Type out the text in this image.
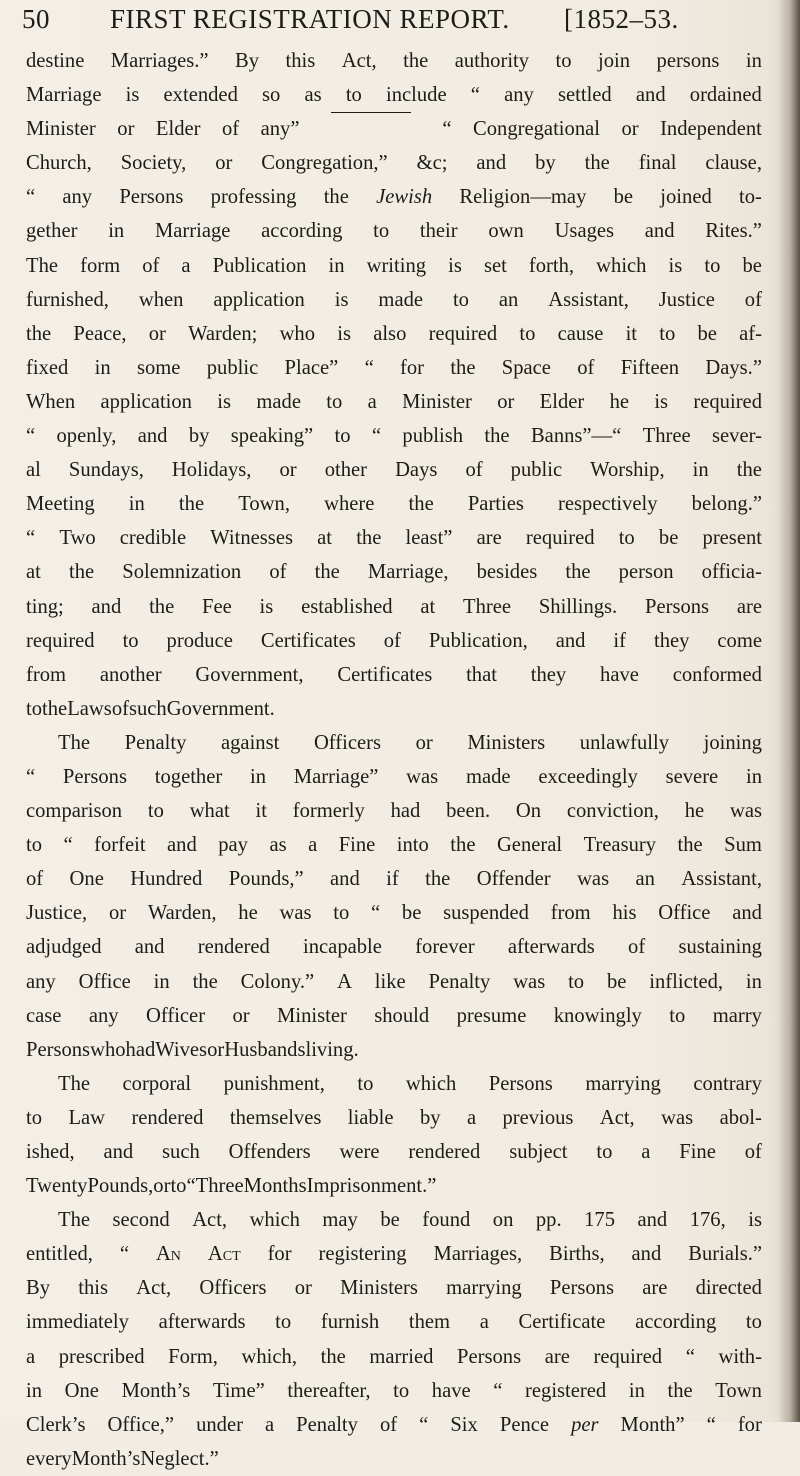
50 FIRST REGISTRATION REPORT. [1852–53.
destine Marriages.” By this Act, the authority to join persons in
Marriage is extended so as to include “ any settled and ordained
Minister or Elder of any”	“ Congregational or Independent
Church, Society, or Congregation,” &c; and by the final clause,
“ any Persons professing the Jewish Religion—may be joined to-
gether in Marriage according to their own Usages and Rites.”
The form of a Publication in writing is set forth, which is to be
furnished, when application is made to an Assistant, Justice of
the Peace, or Warden; who is also required to cause it to be af-
fixed in some public Place” “ for the Space of Fifteen Days.”
When application is made to a Minister or Elder he is required
“ openly, and by speaking” to “ publish the Banns”—“ Three sever-
al Sundays, Holidays, or other Days of public Worship, in the
Meeting in the Town, where the Parties respectively belong.”
“ Two credible Witnesses at the least” are required to be present
at the Solemnization of the Marriage, besides the person officia-
ting; and the Fee is established at Three Shillings. Persons are
required to produce Certificates of Publication, and if they come
from another Government, Certificates that they have conformed
to the Laws of such Government.
The Penalty against Officers or Ministers unlawfully joining
“ Persons together in Marriage” was made exceedingly severe in
comparison to what it formerly had been. On conviction, he was
to “ forfeit and pay as a Fine into the General Treasury the Sum
of One Hundred Pounds,” and if the Offender was an Assistant,
Justice, or Warden, he was to “ be suspended from his Office and
adjudged and rendered incapable forever afterwards of sustaining
any Office in the Colony.” A like Penalty was to be inflicted, in
case any Officer or Minister should presume knowingly to marry
Persons who had Wives or Husbands living.
The corporal punishment, to which Persons marrying contrary
to Law rendered themselves liable by a previous Act, was abol-
ished, and such Offenders were rendered subject to a Fine of
Twenty Pounds, or to “ Three Months Imprisonment.”
The second Act, which may be found on pp. 175 and 176, is
entitled, “ An Act for registering Marriages, Births, and Burials.”
By this Act, Officers or Ministers marrying Persons are directed
immediately afterwards to furnish them a Certificate according to
a prescribed Form, which, the married Persons are required “ with-
in One Month’s Time” thereafter, to have “ registered in the Town
Clerk’s Office,” under a Penalty of “ Six Pence per Month” “ for
every Month’s Neglect.”
